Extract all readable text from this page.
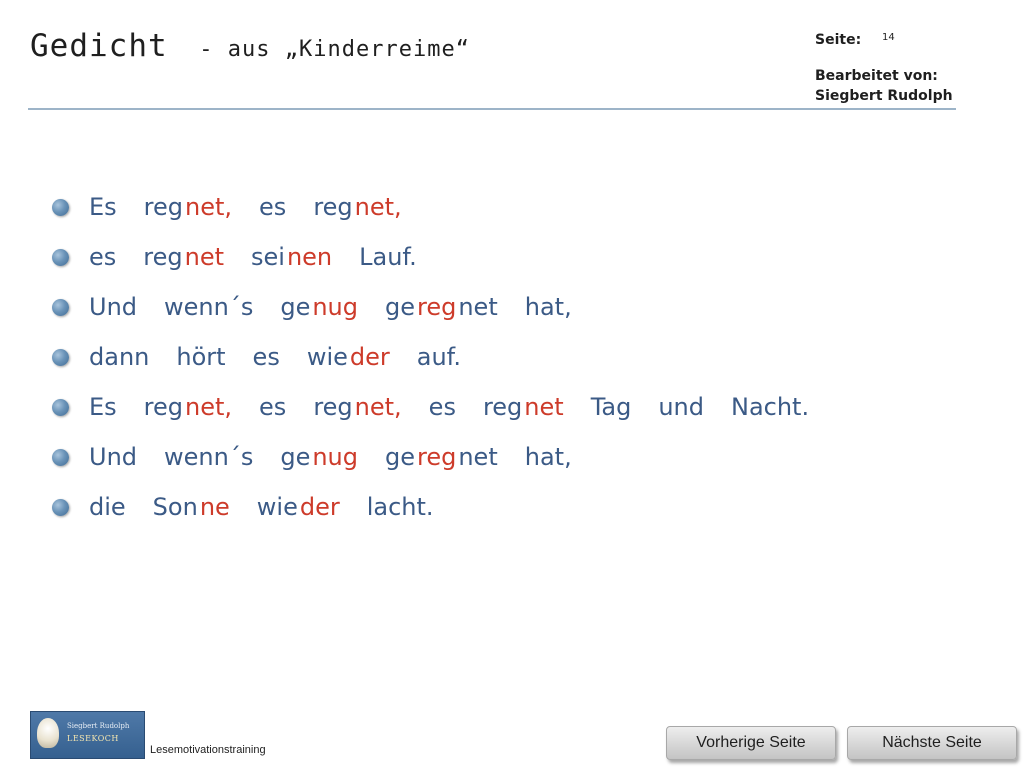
Gedicht - aus „Kinderreime“	Seite: $^{14}$
Bearbeitet von:
Siegbert Rudolph
Es reg net, es reg net,
es reg net sei nen Lauf.
Und wenn´s ge nug ge reg net hat,
dann hört es wie der auf.
Es reg net, es reg net, es reg net Tag und Nacht.
Und wenn´s ge nug ge reg net hat,
die Son ne wie der lacht.
Siegbert Rudolph
LESEKOCH
Lesemotivationstraining	Vorherige Seite	Nächste Seite
